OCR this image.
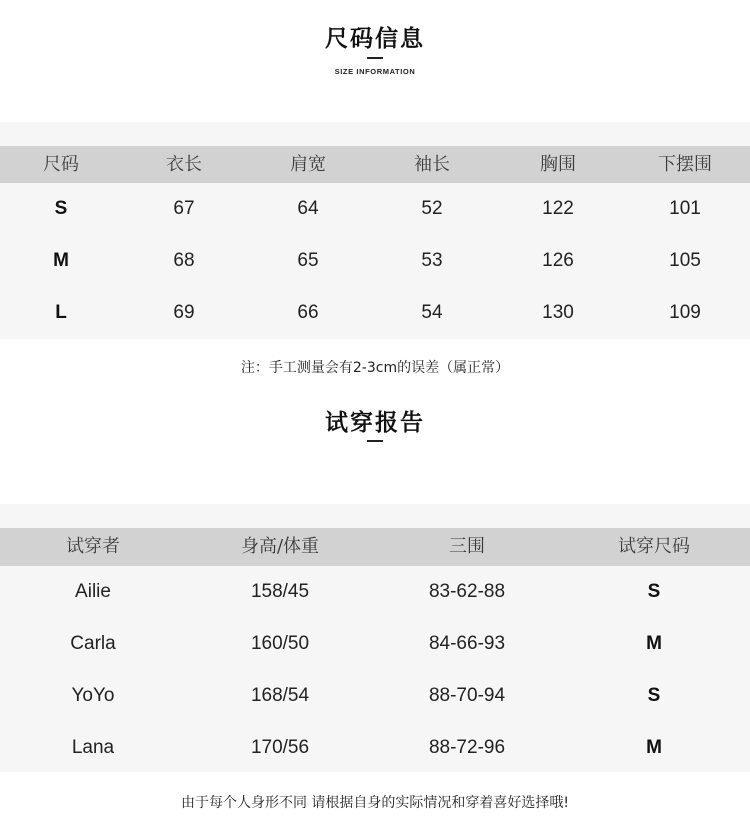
尺码信息
SIZE INFORMATION
尺码	衣长	肩宽	袖长	胸围	下摆围
S	67	64	52	122	101
M	68	65	53	126	105
L	69	66	54	130	109
注：手工测量会有2-3cm的误差（属正常）
试穿报告
试穿者	身高/体重	三围	试穿尺码
Ailie	158/45	83-62-88	S
Carla	160/50	84-66-93	M
YoYo	168/54	88-70-94	S
Lana	170/56	88-72-96	M
由于每个人身形不同 请根据自身的实际情况和穿着喜好选择哦!
